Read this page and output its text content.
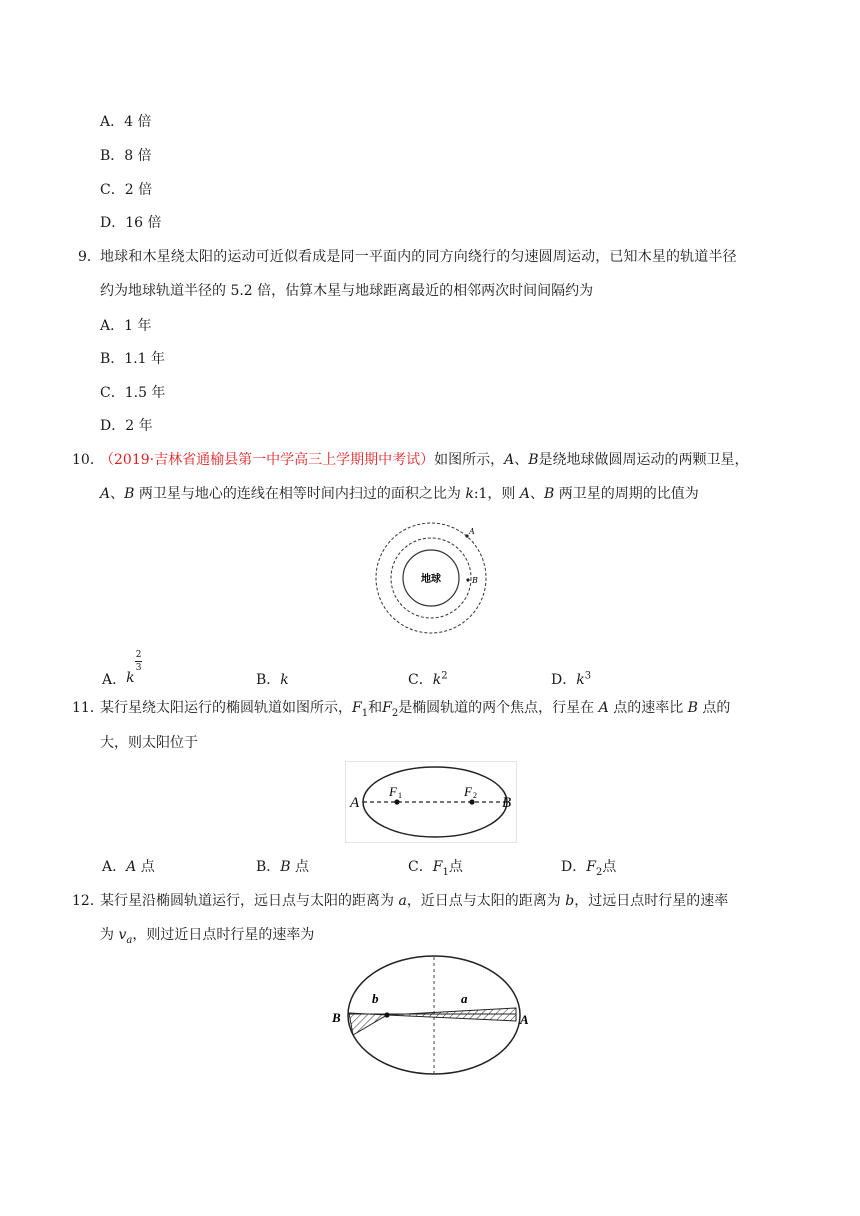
A．4 倍
B．8 倍
C．2 倍
D．16 倍
9． 地球和木星绕太阳的运动可近似看成是同一平面内的同方向绕行的匀速圆周运动，已知木星的轨道半径
约为地球轨道半径的 5.2 倍，估算木星与地球距离最近的相邻两次时间间隔约为
A．1 年
B．1.1 年
C．1.5 年
D．2 年
10．
（2019·吉林省通榆县第一中学高三上学期期中考试）如图所示，A、B是绕地球做圆周运动的两颗卫星，
A、B 两卫星与地心的连线在相等时间内扫过的面积之比为 k:1，则 A、B 两卫星的周期的比值为
地球
A
B
A． k
2
3
B．k	C．$k^2$	D．$k^3$
11．
某行星绕太阳运行的椭圆轨道如图所示，$F_1$和$F_2$是椭圆轨道的两个焦点，行星在 A 点的速率比 B 点的
大，则太阳位于
A	B
F 1	F 2
A．A 点	B．B 点	C．$F_1$点	D．$F_2$点
12．
某行星沿椭圆轨道运行，远日点与太阳的距离为 a，近日点与太阳的距离为 b，过远日点时行星的速率
为 $v_a$，则过近日点时行星的速率为
B	A
b	a
